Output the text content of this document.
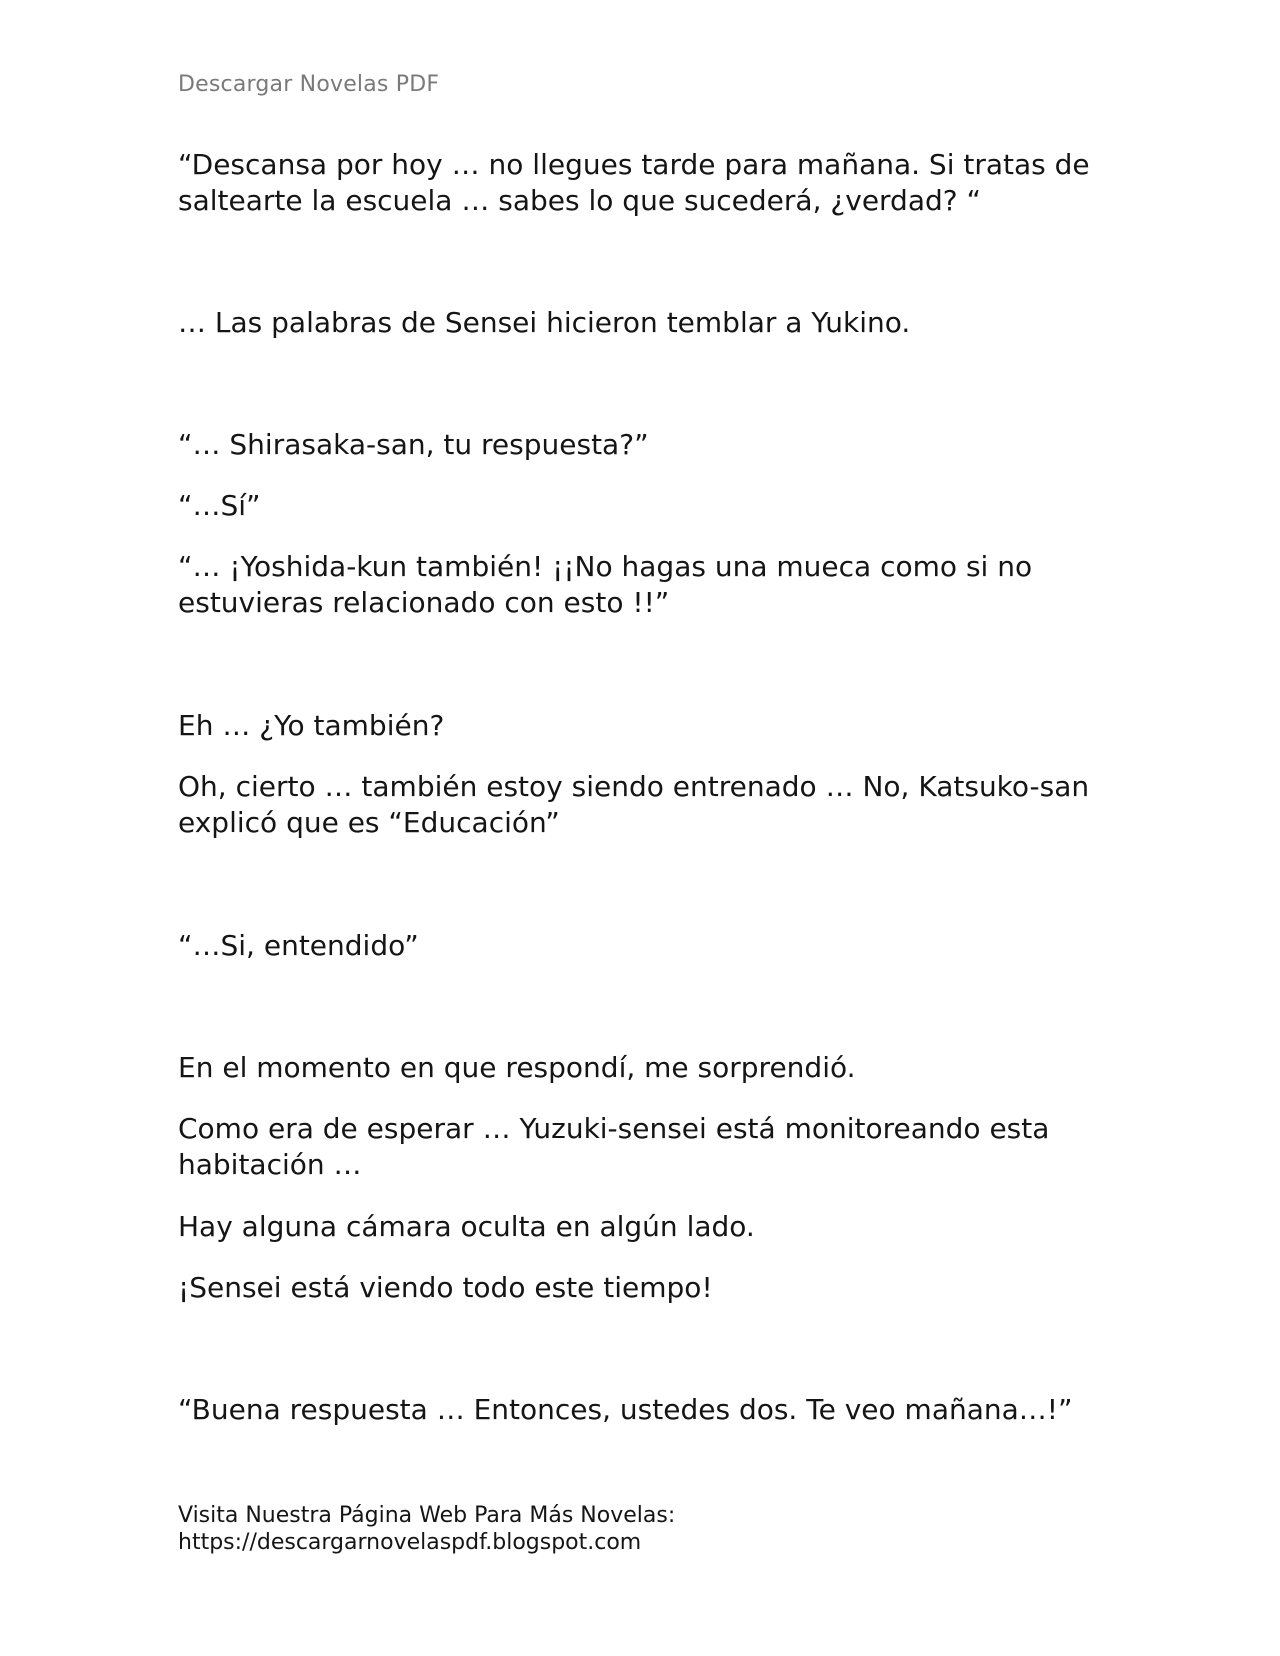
Descargar Novelas PDF

“Descansa por hoy … no llegues tarde para mañana. Si tratas de saltearte la escuela … sabes lo que sucederá, ¿verdad? “

… Las palabras de Sensei hicieron temblar a Yukino.

“… Shirasaka-san, tu respuesta?”

“…Sí”

“… ¡Yoshida-kun también! ¡¡No hagas una mueca como si no estuvieras relacionado con esto !!”

Eh … ¿Yo también?

Oh, cierto … también estoy siendo entrenado … No, Katsuko-san explicó que es “Educación”

“…Si, entendido”

En el momento en que respondí, me sorprendió.

Como era de esperar … Yuzuki-sensei está monitoreando esta habitación …

Hay alguna cámara oculta en algún lado.

¡Sensei está viendo todo este tiempo!

“Buena respuesta … Entonces, ustedes dos. Te veo mañana…!”

Visita Nuestra Página Web Para Más Novelas:
https://descargarnovelaspdf.blogspot.com
